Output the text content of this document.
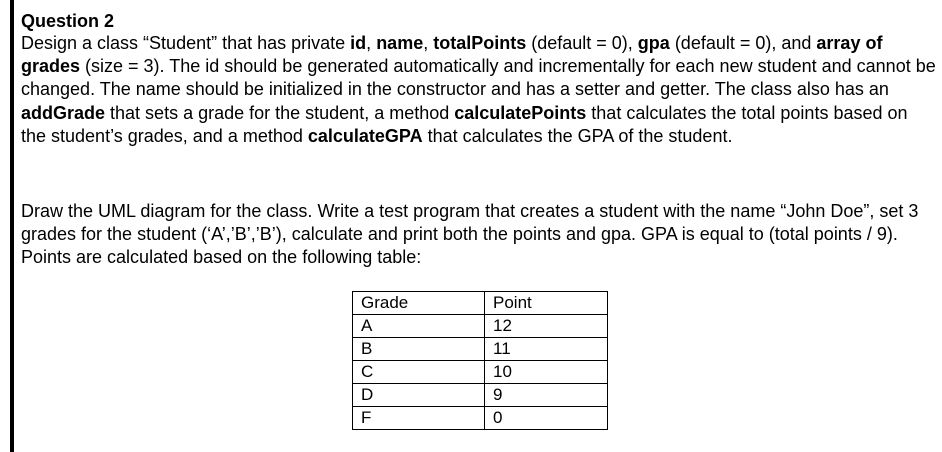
Question 2

Design a class “Student” that has private id, name, totalPoints (default = 0), gpa (default = 0), and array of grades (size = 3). The id should be generated automatically and incrementally for each new student and cannot be changed. The name should be initialized in the constructor and has a setter and getter. The class also has an addGrade that sets a grade for the student, a method calculatePoints that calculates the total points based on the student’s grades, and a method calculateGPA that calculates the GPA of the student.

Draw the UML diagram for the class. Write a test program that creates a student with the name “John Doe”, set 3 grades for the student (‘A’,’B’,’B’), calculate and print both the points and gpa. GPA is equal to (total points / 9). Points are calculated based on the following table:

Grade	Point
A	12
B	11
C	10
D	9
F	0
